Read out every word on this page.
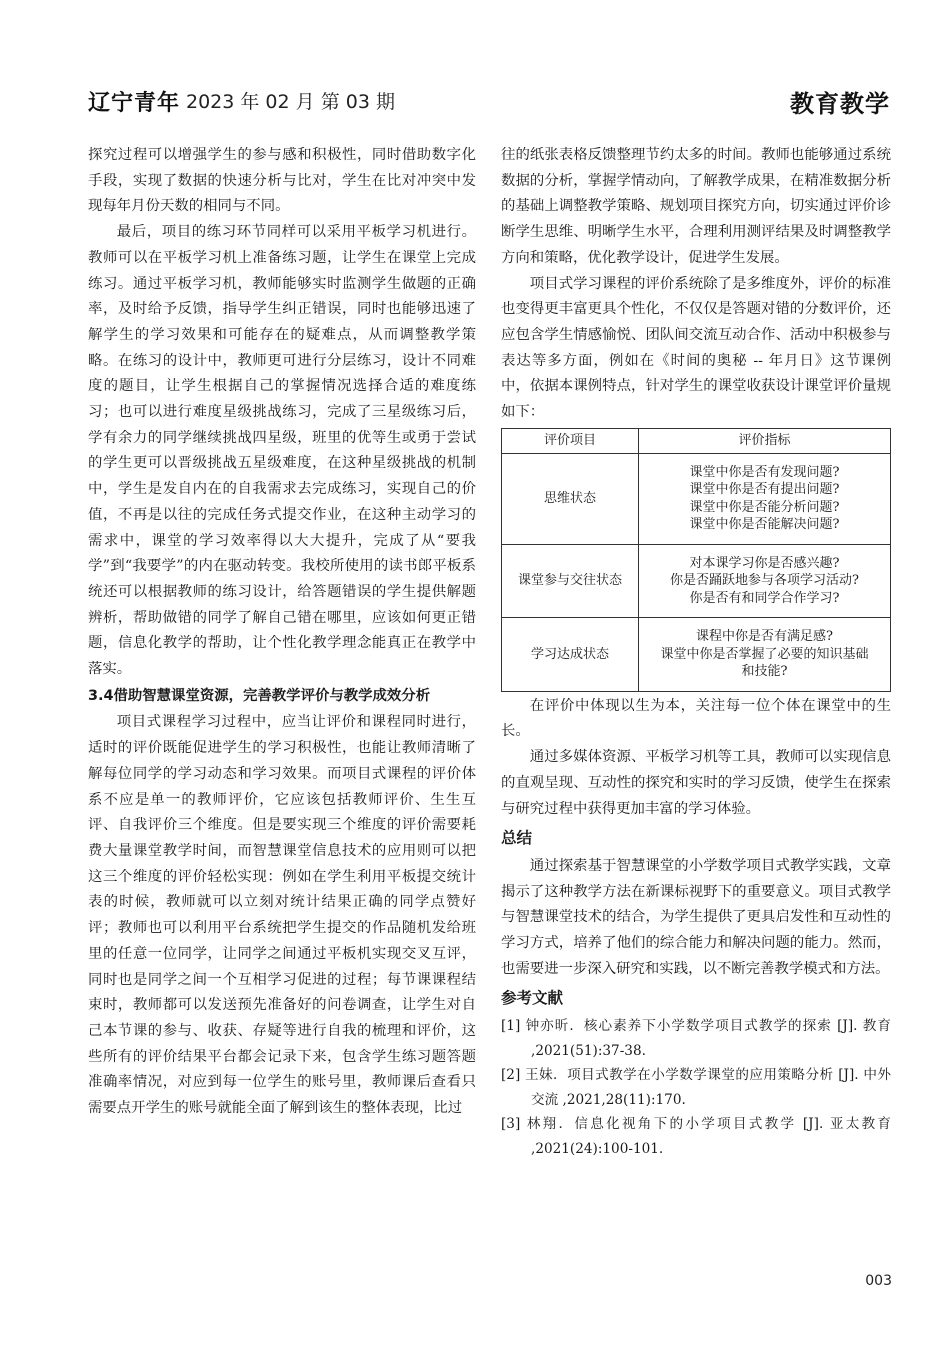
辽宁青年 2023 年 02 月 第 03 期	教育教学

探究过程可以增强学生的参与感和积极性，同时借助数字化手段，实现了数据的快速分析与比对，学生在比对冲突中发现每年月份天数的相同与不同。

最后，项目的练习环节同样可以采用平板学习机进行。教师可以在平板学习机上准备练习题，让学生在课堂上完成练习。通过平板学习机，教师能够实时监测学生做题的正确率，及时给予反馈，指导学生纠正错误，同时也能够迅速了解学生的学习效果和可能存在的疑难点，从而调整教学策略。在练习的设计中，教师更可进行分层练习，设计不同难度的题目，让学生根据自己的掌握情况选择合适的难度练习；也可以进行难度星级挑战练习，完成了三星级练习后，学有余力的同学继续挑战四星级，班里的优等生或勇于尝试的学生更可以晋级挑战五星级难度，在这种星级挑战的机制中，学生是发自内在的自我需求去完成练习，实现自己的价值，不再是以往的完成任务式提交作业，在这种主动学习的需求中，课堂的学习效率得以大大提升，完成了从“要我学”到“我要学”的内在驱动转变。我校所使用的读书郎平板系统还可以根据教师的练习设计，给答题错误的学生提供解题辨析，帮助做错的同学了解自己错在哪里，应该如何更正错题，信息化教学的帮助，让个性化教学理念能真正在教学中落实。

3.4借助智慧课堂资源，完善教学评价与教学成效分析

项目式课程学习过程中，应当让评价和课程同时进行，适时的评价既能促进学生的学习积极性，也能让教师清晰了解每位同学的学习动态和学习效果。而项目式课程的评价体系不应是单一的教师评价，它应该包括教师评价、生生互评、自我评价三个维度。但是要实现三个维度的评价需要耗费大量课堂教学时间，而智慧课堂信息技术的应用则可以把这三个维度的评价轻松实现：例如在学生利用平板提交统计表的时候，教师就可以立刻对统计结果正确的同学点赞好评；教师也可以利用平台系统把学生提交的作品随机发给班里的任意一位同学，让同学之间通过平板机实现交叉互评，同时也是同学之间一个互相学习促进的过程；每节课课程结束时，教师都可以发送预先准备好的问卷调查，让学生对自己本节课的参与、收获、存疑等进行自我的梳理和评价，这些所有的评价结果平台都会记录下来，包含学生练习题答题准确率情况，对应到每一位学生的账号里，教师课后查看只需要点开学生的账号就能全面了解到该生的整体表现，比过

往的纸张表格反馈整理节约太多的时间。教师也能够通过系统数据的分析，掌握学情动向，了解教学成果，在精准数据分析的基础上调整教学策略、规划项目探究方向，切实通过评价诊断学生思维、明晰学生水平，合理利用测评结果及时调整教学方向和策略，优化教学设计，促进学生发展。

项目式学习课程的评价系统除了是多维度外，评价的标准也变得更丰富更具个性化，不仅仅是答题对错的分数评价，还应包含学生情感愉悦、团队间交流互动合作、活动中积极参与表达等多方面，例如在《时间的奥秘 -- 年月日》这节课例中，依据本课例特点，针对学生的课堂收获设计课堂评价量规如下：

评价项目	评价指标
思维状态	课堂中你是否有发现问题?
课堂中你是否有提出问题?
课堂中你是否能分析问题?
课堂中你是否能解决问题?

课堂参与交往状态	对本课学习你是否感兴趣?
你是否踊跃地参与各项学习活动?
你是否有和同学合作学习?

学习达成状态	课程中你是否有满足感?
课堂中你是否掌握了必要的知识基础
和技能?

在评价中体现以生为本，关注每一位个体在课堂中的生长。

通过多媒体资源、平板学习机等工具，教师可以实现信息的直观呈现、互动性的探究和实时的学习反馈，使学生在探索与研究过程中获得更加丰富的学习体验。

总结

通过探索基于智慧课堂的小学数学项目式教学实践，文章揭示了这种教学方法在新课标视野下的重要意义。项目式教学与智慧课堂技术的结合，为学生提供了更具启发性和互动性的学习方式，培养了他们的综合能力和解决问题的能力。然而，也需要进一步深入研究和实践，以不断完善教学模式和方法。

参考文献

[1] 钟亦昕．核心素养下小学数学项目式教学的探索 [J]. 教育 ,2021(51):37-38.

[2] 王妹．项目式教学在小学数学课堂的应用策略分析 [J]. 中外交流 ,2021,28(11):170.

[3] 林翔．信息化视角下的小学项目式教学 [J]. 亚太教育 ,2021(24):100-101.

003
